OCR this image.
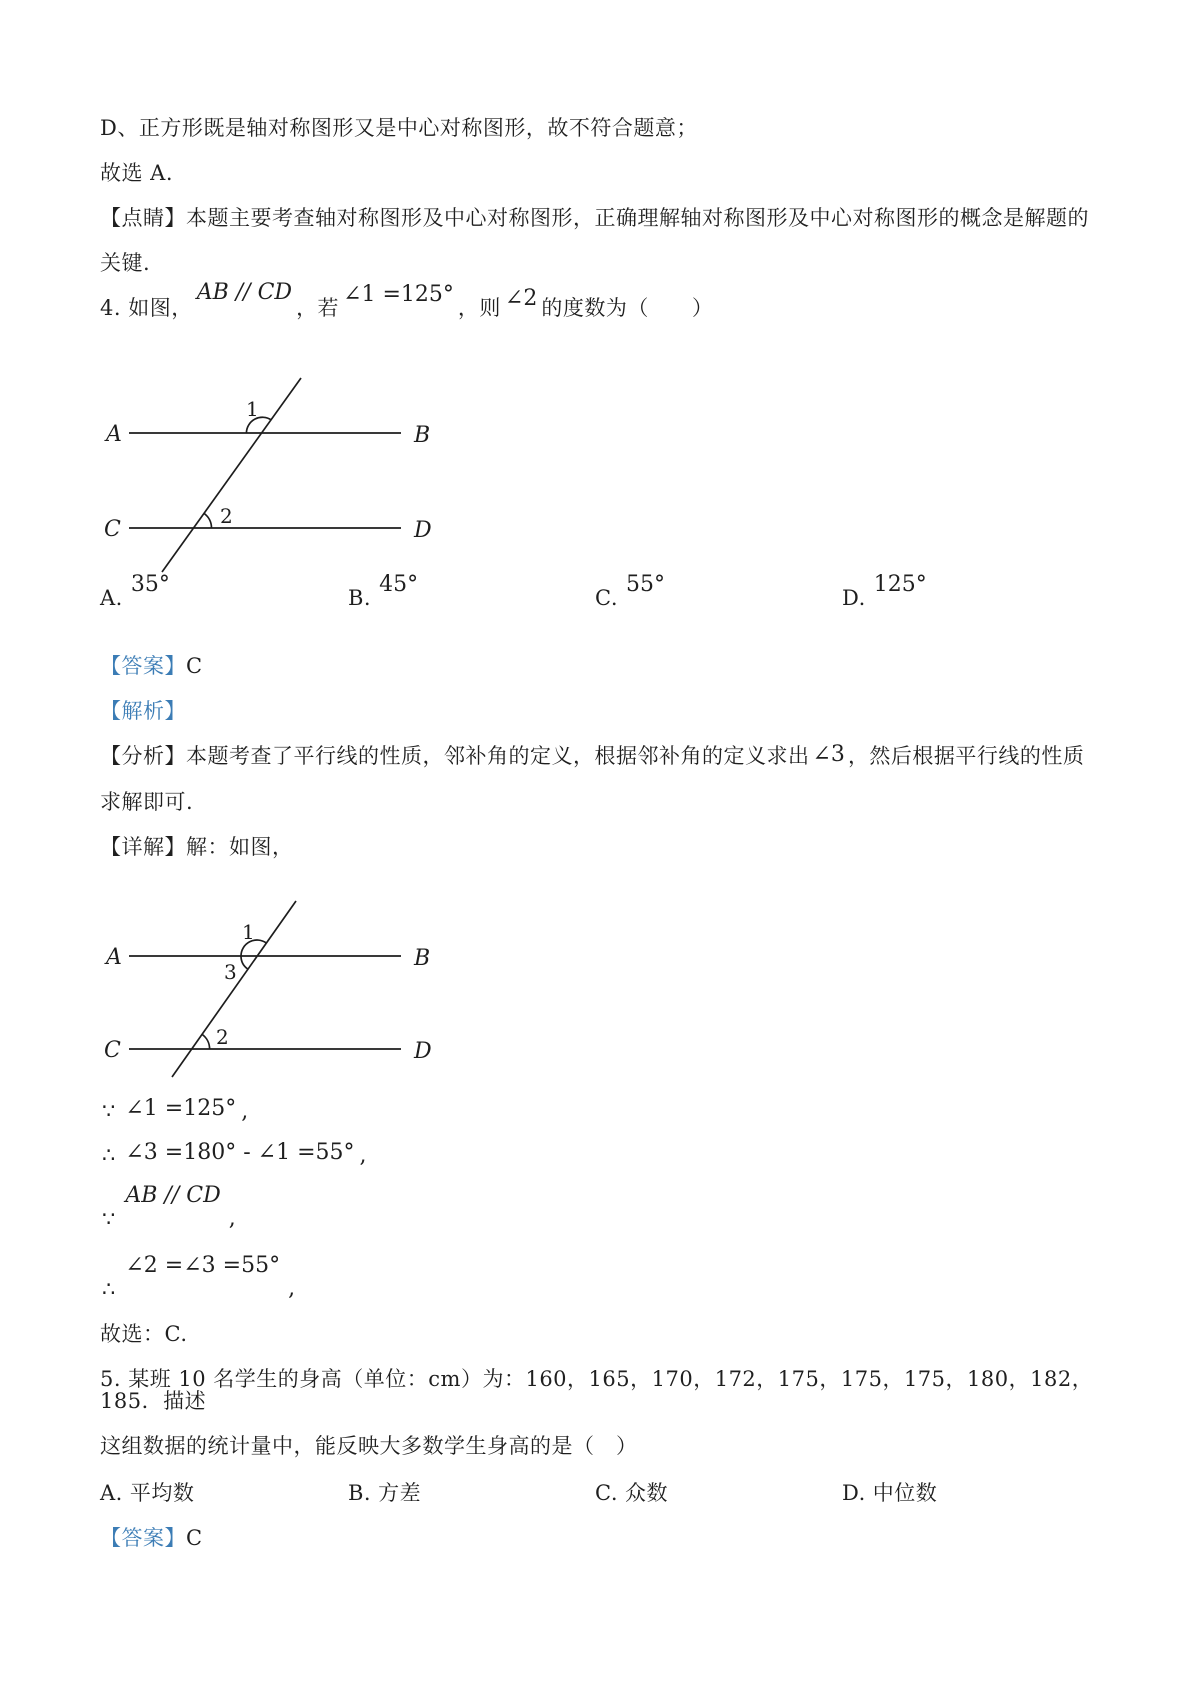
D、正方形既是轴对称图形又是中心对称图形，故不符合题意；

故选 A.

【点睛】本题主要考查轴对称图形及中心对称图形，正确理解轴对称图形及中心对称图形的概念是解题的

关键.

4. 如图，AB // CD，若∠1 =125°，则 ∠2 的度数为（　　）
A	B
C	D
1
2
A.35°
B.45°
C.55°
D.125°

【答案】C

【解析】

【分析】本题考查了平行线的性质，邻补角的定义，根据邻补角的定义求出 ∠3 ，然后根据平行线的性质

求解即可.

【详解】解：如图，

A	B
C	D
1
3
2
∵ ∠1 =125° ,
∴ ∠3 =180° - ∠1 =55° ,
∵
AB // CD
,
∴
∠2 =∠3 =55°
,

故选：C.

5. 某班 10 名学生的身高（单位：cm）为：160，165，170，172，175，175，175，180，182，185．描述

这组数据的统计量中，能反映大多数学生身高的是（　）

A. 平均数	B. 方差	C. 众数	D. 中位数

【答案】C
